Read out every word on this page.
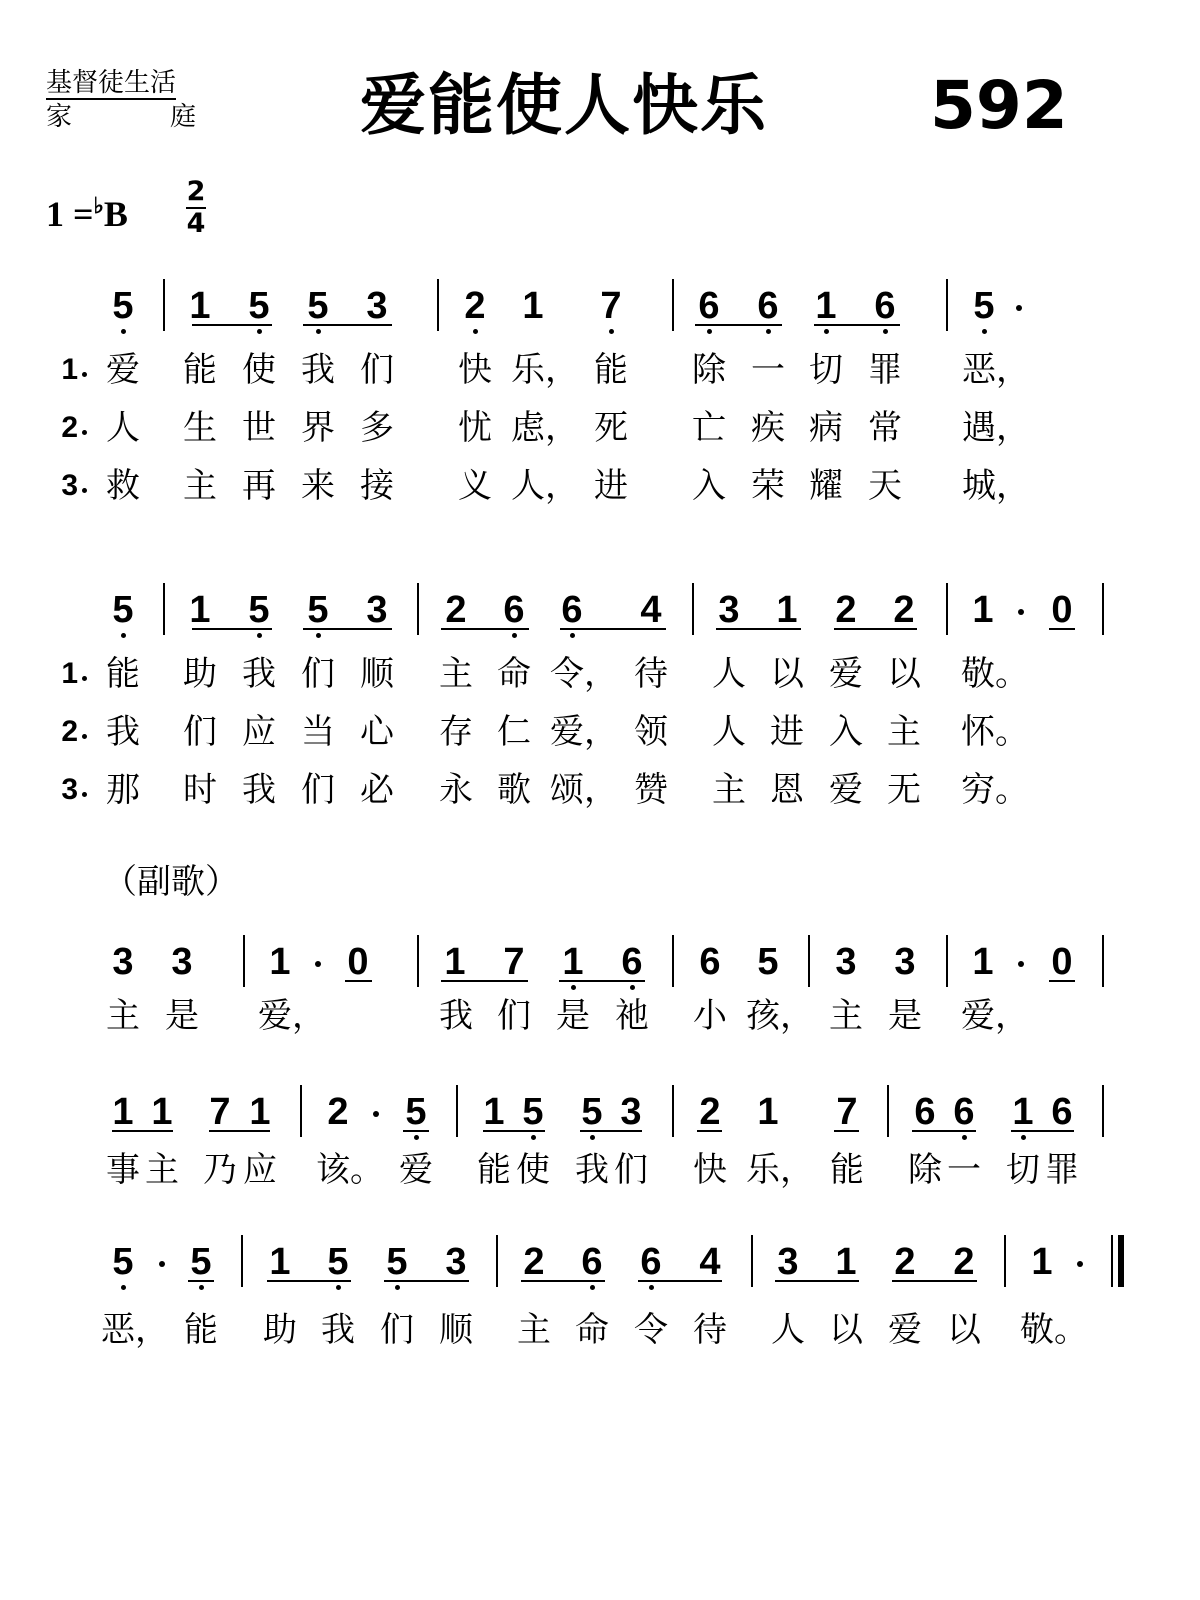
基督徒生活
家	庭 爱能使人快乐 592
1 =♭B
2
4
（副歌）
5 1 5 5 3 2 1 7 6 6 1 6 5
1 爱 能 使 我 们 快 乐， 能 除 一 切 罪 恶，
2 人 生 世 界 多 忧 虑， 死 亡 疾 病 常 遇，
3 救 主 再 来 接 义 人， 进 入 荣 耀 天 城，
5 1 5 5 3 2 6 6 4 3 1 2 2 1 0
1 能 助 我 们 顺 主 命 令， 待 人 以 爱 以 敬。
2 我 们 应 当 心 存 仁 爱， 领 人 进 入 主 怀。
3 那 时 我 们 必 永 歌 颂， 赞 主 恩 爱 无 穷。
3 3 1 0 1 7 1 6 6 5 3 3 1 0
主 是 爱，	我 们 是 祂 小 孩， 主 是 爱，
1 1 7 1 2 5 1 5 5 3 2 1 7 6 6 1 6
事 主 乃 应 该。 爱 能 使 我 们 快 乐， 能 除 一 切 罪
5 5 1 5 5 3 2 6 6 4 3 1 2 2 1
恶， 能 助 我 们 顺 主 命 令 待 人 以 爱 以 敬。
